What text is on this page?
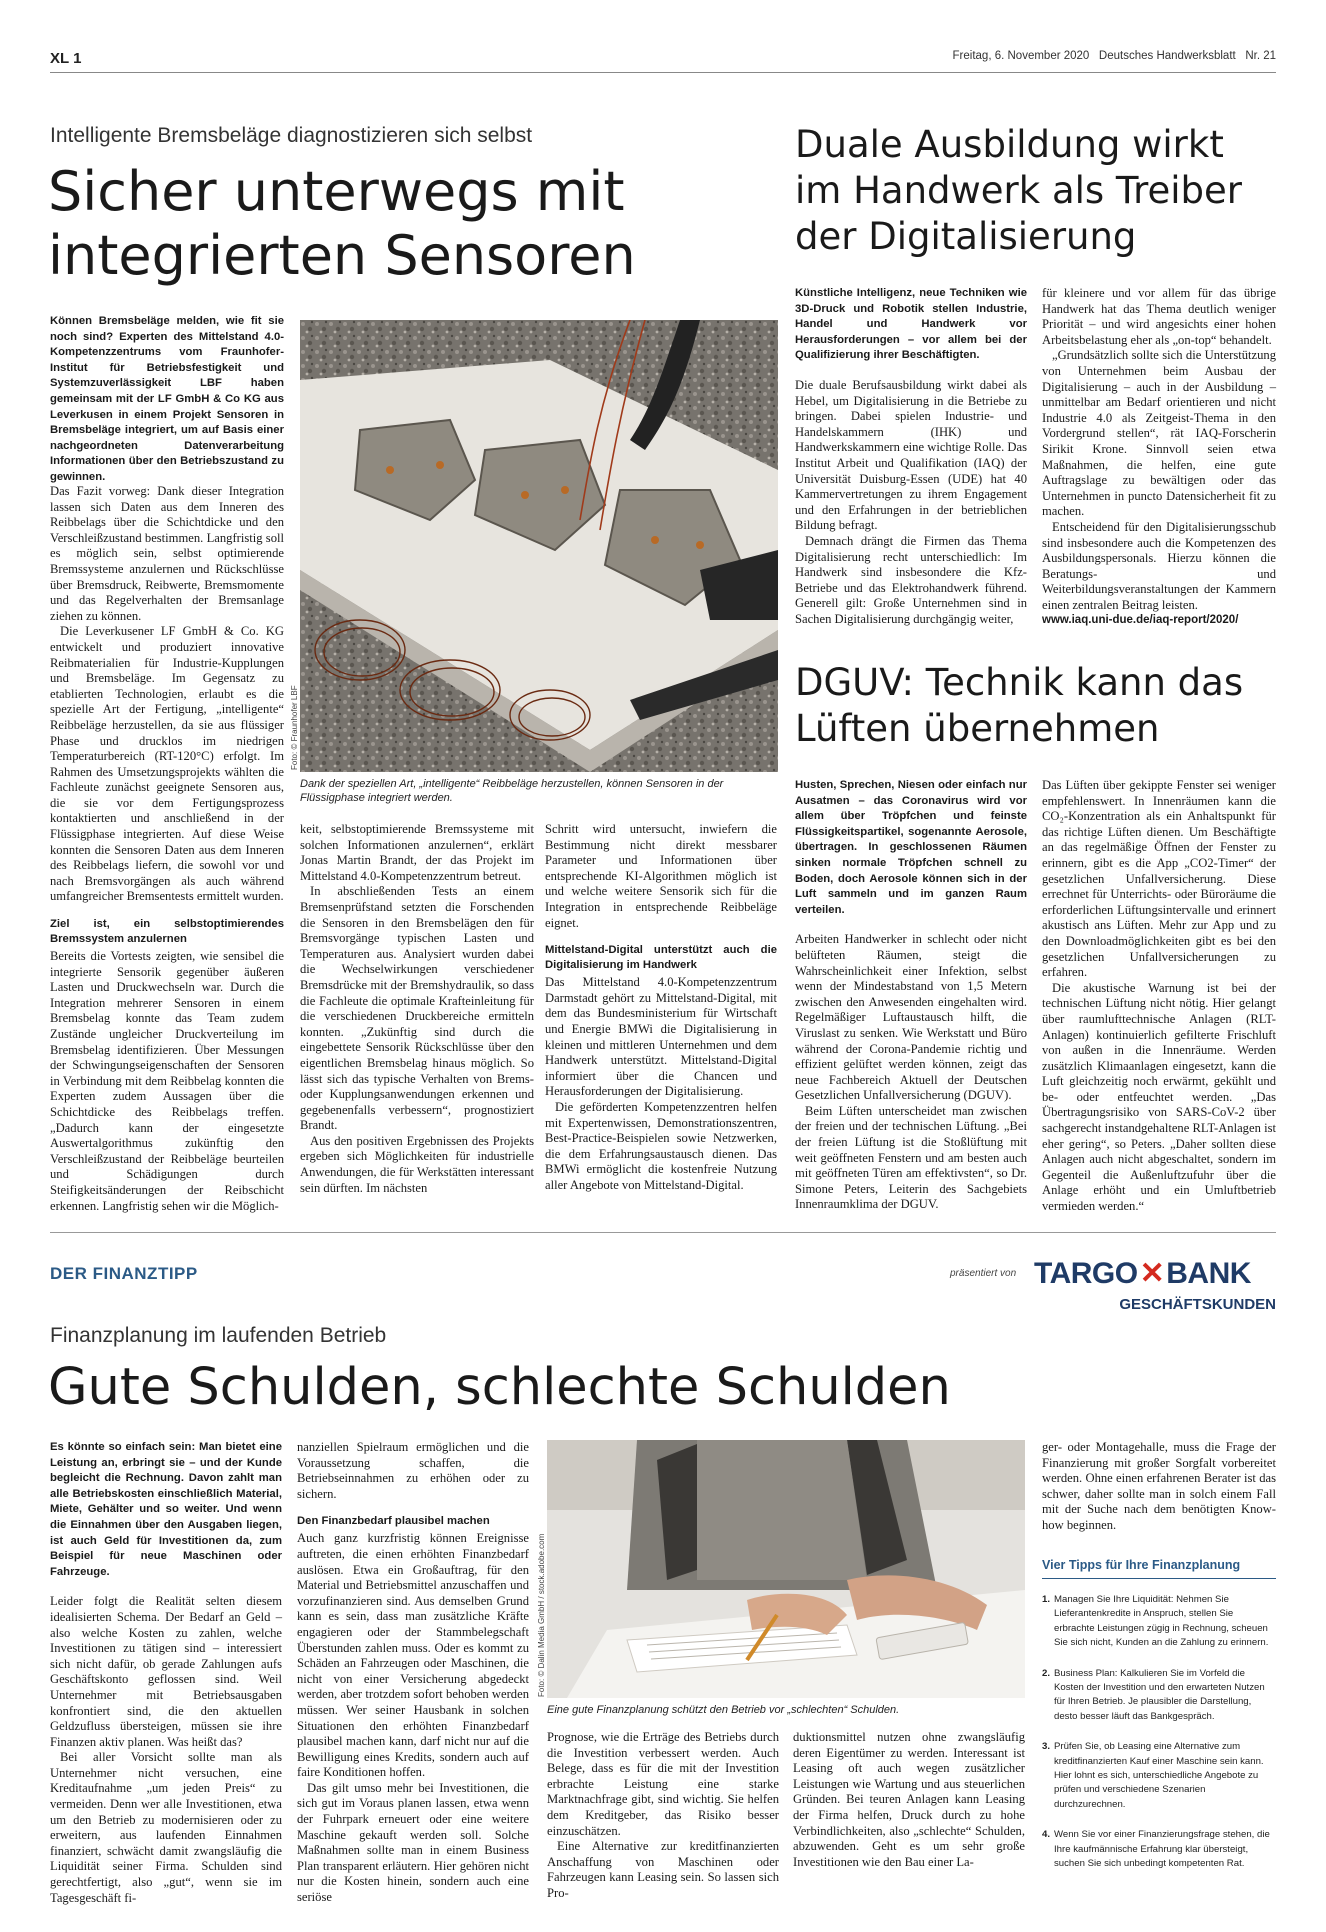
XL 1	Freitag, 6. November 2020 Deutsches Handwerksblatt Nr. 21
Intelligente Bremsbeläge diagnostizieren sich selbst
Sicher unterwegs mit
integrierten Sensoren
Können Bremsbeläge melden, wie fit sie noch sind? Experten des Mittelstand 4.0-Kompetenzzentrums vom Fraunhofer-Institut für Betriebsfestigkeit und Systemzuverlässigkeit LBF haben gemeinsam mit der LF GmbH & Co KG aus Leverkusen in einem Projekt Sensoren in Bremsbeläge integriert, um auf Basis einer nachgeordneten Datenverarbeitung Informationen über den Betriebszustand zu gewinnen.

Das Fazit vorweg: Dank dieser Integration lassen sich Daten aus dem Inneren des Reibbelags über die Schichtdicke und den Verschleißzustand bestimmen. Langfristig soll es möglich sein, selbst optimierende Bremssysteme anzulernen und Rückschlüsse über Bremsdruck, Reibwerte, Bremsmomente und das Regelverhalten der Bremsanlage ziehen zu können.

Die Leverkusener LF GmbH & Co. KG entwickelt und produziert innovative Reibmaterialien für Industrie-Kupplungen und Bremsbeläge. Im Gegensatz zu etablierten Technologien, erlaubt es die spezielle Art der Fertigung, „intelligente“ Reibbeläge herzustellen, da sie aus flüssiger Phase und drucklos im niedrigen Temperaturbereich (RT-120°C) erfolgt. Im Rahmen des Umsetzungsprojekts wählten die Fachleute zunächst geeignete Sensoren aus, die sie vor dem Fertigungsprozess kontaktierten und anschließend in der Flüssigphase integrierten. Auf diese Weise konnten die Sensoren Daten aus dem Inneren des Reibbelags liefern, die sowohl vor und nach Bremsvorgängen als auch während umfangreicher Bremsentests ermittelt wurden.

Ziel ist, ein selbstoptimierendes Bremssystem anzulernen

Bereits die Vortests zeigten, wie sensibel die integrierte Sensorik gegenüber äußeren Lasten und Druckwechseln war. Durch die Integration mehrerer Sensoren in einem Bremsbelag konnte das Team zudem Zustände ungleicher Druckverteilung im Bremsbelag identifizieren. Über Messungen der Schwingungseigenschaften der Sensoren in Verbindung mit dem Reibbelag konnten die Experten zudem Aussagen über die Schichtdicke des Reibbelags treffen. „Dadurch kann der eingesetzte Auswertalgorithmus zukünftig den Verschleißzustand der Reibbeläge beurteilen und Schädigungen durch Steifigkeitsänderungen der Reibschicht erkennen. Langfristig sehen wir die Möglich-

Foto: © Fraunhofer LBF
Dank der speziellen Art, „intelligente“ Reibbeläge herzustellen, können Sensoren in der Flüssigphase integriert werden.

keit, selbstoptimierende Bremssysteme mit solchen Informationen anzulernen“, erklärt Jonas Martin Brandt, der das Projekt im Mittelstand 4.0-Kompetenzzentrum betreut.

In abschließenden Tests an einem Bremsenprüfstand setzten die Forschenden die Sensoren in den Bremsbelägen den für Bremsvorgänge typischen Lasten und Temperaturen aus. Analysiert wurden dabei die Wechselwirkungen verschiedener Bremsdrücke mit der Bremshydraulik, so dass die Fachleute die optimale Krafteinleitung für die verschiedenen Druckbereiche ermitteln konnten. „Zukünftig sind durch die eingebettete Sensorik Rückschlüsse über den eigentlichen Bremsbelag hinaus möglich. So lässt sich das typische Verhalten von Brems- oder Kupplungsanwendungen erkennen und gegebenenfalls verbessern“, prognostiziert Brandt.

Aus den positiven Ergebnissen des Projekts ergeben sich Möglichkeiten für industrielle Anwendungen, die für Werkstätten interessant sein dürften. Im nächsten

Schritt wird untersucht, inwiefern die Bestimmung nicht direkt messbarer Parameter und Informationen über entsprechende KI-Algorithmen möglich ist und welche weitere Sensorik sich für die Integration in entsprechende Reibbeläge eignet.

Mittelstand-Digital unterstützt auch die Digitalisierung im Handwerk

Das Mittelstand 4.0-Kompetenzzentrum Darmstadt gehört zu Mittelstand-Digital, mit dem das Bundesministerium für Wirtschaft und Energie BMWi die Digitalisierung in kleinen und mittleren Unternehmen und dem Handwerk unterstützt. Mittelstand-Digital informiert über die Chancen und Herausforderungen der Digitalisierung.

Die geförderten Kompetenzzentren helfen mit Expertenwissen, Demonstrationszentren, Best-Practice-Beispielen sowie Netzwerken, die dem Erfahrungsaustausch dienen. Das BMWi ermöglicht die kostenfreie Nutzung aller Angebote von Mittelstand-Digital.

Duale Ausbildung wirkt
im Handwerk als Treiber
der Digitalisierung
Künstliche Intelligenz, neue Techniken wie 3D-Druck und Robotik stellen Industrie, Handel und Handwerk vor Herausforderungen – vor allem bei der Qualifizierung ihrer Beschäftigten.

Die duale Berufsausbildung wirkt dabei als Hebel, um Digitalisierung in die Betriebe zu bringen. Dabei spielen Industrie- und Handelskammern (IHK) und Handwerkskammern eine wichtige Rolle. Das Institut Arbeit und Qualifikation (IAQ) der Universität Duisburg-Essen (UDE) hat 40 Kammervertretungen zu ihrem Engagement und den Erfahrungen in der betrieblichen Bildung befragt.

Demnach drängt die Firmen das Thema Digitalisierung recht unterschiedlich: Im Handwerk sind insbesondere die Kfz-Betriebe und das Elektrohandwerk führend. Generell gilt: Große Unternehmen sind in Sachen Digitalisierung durchgängig weiter,

für kleinere und vor allem für das übrige Handwerk hat das Thema deutlich weniger Priorität – und wird angesichts einer hohen Arbeitsbelastung eher als „on-top“ behandelt.

„Grundsätzlich sollte sich die Unterstützung von Unternehmen beim Ausbau der Digitalisierung – auch in der Ausbildung – unmittelbar am Bedarf orientieren und nicht Industrie 4.0 als Zeitgeist-Thema in den Vordergrund stellen“, rät IAQ-Forscherin Sirikit Krone. Sinnvoll seien etwa Maßnahmen, die helfen, eine gute Auftragslage zu bewältigen oder das Unternehmen in puncto Datensicherheit fit zu machen.

Entscheidend für den Digitalisierungsschub sind insbesondere auch die Kompetenzen des Ausbildungspersonals. Hierzu können die Beratungs- und Weiterbildungsveranstaltungen der Kammern einen zentralen Beitrag leisten.

www.iaq.uni-due.de/iaq-report/2020/

DGUV: Technik kann das
Lüften übernehmen
Husten, Sprechen, Niesen oder einfach nur Ausatmen – das Coronavirus wird vor allem über Tröpfchen und feinste Flüssigkeitspartikel, sogenannte Aerosole, übertragen. In geschlossenen Räumen sinken normale Tröpfchen schnell zu Boden, doch Aerosole können sich in der Luft sammeln und im ganzen Raum verteilen.

Arbeiten Handwerker in schlecht oder nicht belüfteten Räumen, steigt die Wahrscheinlichkeit einer Infektion, selbst wenn der Mindestabstand von 1,5 Metern zwischen den Anwesenden eingehalten wird. Regelmäßiger Luftaustausch hilft, die Viruslast zu senken. Wie Werkstatt und Büro während der Corona-Pandemie richtig und effizient gelüftet werden können, zeigt das neue Fachbereich Aktuell der Deutschen Gesetzlichen Unfallversicherung (DGUV).

Beim Lüften unterscheidet man zwischen der freien und der technischen Lüftung. „Bei der freien Lüftung ist die Stoßlüftung mit weit geöffneten Fenstern und am besten auch mit geöffneten Türen am effektivsten“, so Dr. Simone Peters, Leiterin des Sachgebiets Innenraumklima der DGUV.

Das Lüften über gekippte Fenster sei weniger empfehlenswert. In Innenräumen kann die CO₂-Konzentration als ein Anhaltspunkt für das richtige Lüften dienen. Um Beschäftigte an das regelmäßige Öffnen der Fenster zu erinnern, gibt es die App „CO2-Timer“ der gesetzlichen Unfallversicherung. Diese errechnet für Unterrichts- oder Büroräume die erforderlichen Lüftungsintervalle und erinnert akustisch ans Lüften. Mehr zur App und zu den Downloadmöglichkeiten gibt es bei den gesetzlichen Unfallversicherungen zu erfahren.

Die akustische Warnung ist bei der technischen Lüftung nicht nötig. Hier gelangt über raumlufttechnische Anlagen (RLT-Anlagen) kontinuierlich gefilterte Frischluft von außen in die Innenräume. Werden zusätzlich Klimaanlagen eingesetzt, kann die Luft gleichzeitig noch erwärmt, gekühlt und be- oder entfeuchtet werden. „Das Übertragungsrisiko von SARS-CoV-2 über sachgerecht instandgehaltene RLT-Anlagen ist eher gering“, so Peters. „Daher sollten diese Anlagen auch nicht abgeschaltet, sondern im Gegenteil die Außenluftzufuhr über die Anlage erhöht und ein Umluftbetrieb vermieden werden.“

DER FINANZTIPP	präsentiert von TARGO✕BANK
GESCHÄFTSKUNDEN
Finanzplanung im laufenden Betrieb
Gute Schulden, schlechte Schulden
Es könnte so einfach sein: Man bietet eine Leistung an, erbringt sie – und der Kunde begleicht die Rechnung. Davon zahlt man alle Betriebskosten einschließlich Material, Miete, Gehälter und so weiter. Und wenn die Einnahmen über den Ausgaben liegen, ist auch Geld für Investitionen da, zum Beispiel für neue Maschinen oder Fahrzeuge.

Leider folgt die Realität selten diesem idealisierten Schema. Der Bedarf an Geld – also welche Kosten zu zahlen, welche Investitionen zu tätigen sind – interessiert sich nicht dafür, ob gerade Zahlungen aufs Geschäftskonto geflossen sind. Weil Unternehmer mit Betriebsausgaben konfrontiert sind, die den aktuellen Geldzufluss übersteigen, müssen sie ihre Finanzen aktiv planen. Was heißt das?

Bei aller Vorsicht sollte man als Unternehmer nicht versuchen, eine Kreditaufnahme „um jeden Preis“ zu vermeiden. Denn wer alle Investitionen, etwa um den Betrieb zu modernisieren oder zu erweitern, aus laufenden Einnahmen finanziert, schwächt damit zwangsläufig die Liquidität seiner Firma. Schulden sind gerechtfertigt, also „gut“, wenn sie im Tagesgeschäft fi-

nanziellen Spielraum ermöglichen und die Voraussetzung schaffen, die Betriebseinnahmen zu erhöhen oder zu sichern.

Den Finanzbedarf plausibel machen

Auch ganz kurzfristig können Ereignisse auftreten, die einen erhöhten Finanzbedarf auslösen. Etwa ein Großauftrag, für den Material und Betriebsmittel anzuschaffen und vorzufinanzieren sind. Aus demselben Grund kann es sein, dass man zusätzliche Kräfte engagieren oder der Stammbelegschaft Überstunden zahlen muss. Oder es kommt zu Schäden an Fahrzeugen oder Maschinen, die nicht von einer Versicherung abgedeckt werden, aber trotzdem sofort behoben werden müssen. Wer seiner Hausbank in solchen Situationen den erhöhten Finanzbedarf plausibel machen kann, darf nicht nur auf die Bewilligung eines Kredits, sondern auch auf faire Konditionen hoffen.

Das gilt umso mehr bei Investitionen, die sich gut im Voraus planen lassen, etwa wenn der Fuhrpark erneuert oder eine weitere Maschine gekauft werden soll. Solche Maßnahmen sollte man in einem Business Plan transparent erläutern. Hier gehören nicht nur die Kosten hinein, sondern auch eine seriöse

Foto: © Dalin Media GmbH / stock.adobe.com
Eine gute Finanzplanung schützt den Betrieb vor „schlechten“ Schulden.

Prognose, wie die Erträge des Betriebs durch die Investition verbessert werden. Auch Belege, dass es für die mit der Investition erbrachte Leistung eine starke Marktnachfrage gibt, sind wichtig. Sie helfen dem Kreditgeber, das Risiko besser einzuschätzen.

Eine Alternative zur kreditfinanzierten Anschaffung von Maschinen oder Fahrzeugen kann Leasing sein. So lassen sich Pro-

duktionsmittel nutzen ohne zwangsläufig deren Eigentümer zu werden. Interessant ist Leasing oft auch wegen zusätzlicher Leistungen wie Wartung und aus steuerlichen Gründen. Bei teuren Anlagen kann Leasing der Firma helfen, Druck durch zu hohe Verbindlichkeiten, also „schlechte“ Schulden, abzuwenden. Geht es um sehr große Investitionen wie den Bau einer La-

ger- oder Montagehalle, muss die Frage der Finanzierung mit großer Sorgfalt vorbereitet werden. Ohne einen erfahrenen Berater ist das schwer, daher sollte man in solch einem Fall mit der Suche nach dem benötigten Know-how beginnen.

Vier Tipps für Ihre Finanzplanung
1. Managen Sie Ihre Liquidität: Nehmen Sie Lieferantenkredite in Anspruch, stellen Sie erbrachte Leistungen zügig in Rechnung, scheuen Sie sich nicht, Kunden an die Zahlung zu erinnern.
2. Business Plan: Kalkulieren Sie im Vorfeld die Kosten der Investition und den erwarteten Nutzen für Ihren Betrieb. Je plausibler die Darstellung, desto besser läuft das Bankgespräch.
3. Prüfen Sie, ob Leasing eine Alternative zum kreditfinanzierten Kauf einer Maschine sein kann. Hier lohnt es sich, unterschiedliche Angebote zu prüfen und verschiedene Szenarien durchzurechnen.
4. Wenn Sie vor einer Finanzierungsfrage stehen, die Ihre kaufmännische Erfahrung klar übersteigt, suchen Sie sich unbedingt kompetenten Rat.
